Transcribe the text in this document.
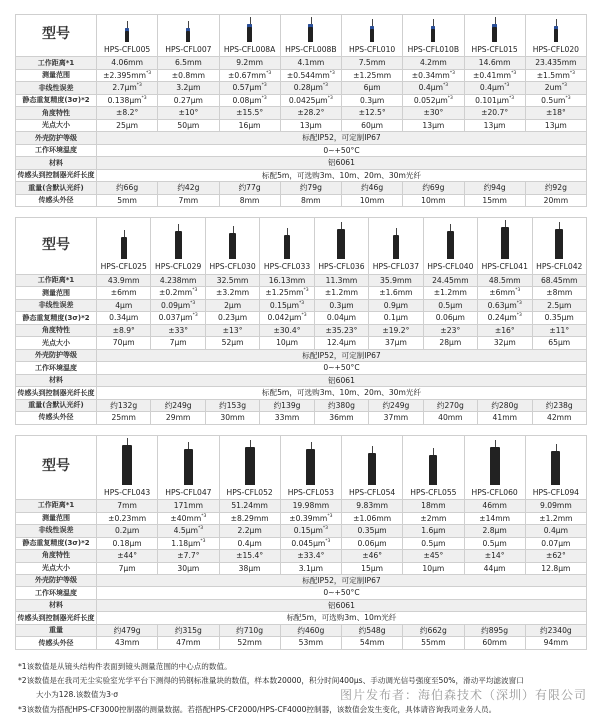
型号	HPS-CFL005	HPS-CFL007	HPS-CFL008A	HPS-CFL008B	HPS-CFL010	HPS-CFL010B	HPS-CFL015	HPS-CFL020
工作距离*1	4.06mm	6.5mm	9.2mm	4.1mm	7.5mm	4.2mm	14.6mm	23.435mm
测量范围	$\pm 2.395mm^{*3}$	±0.8mm	$\pm 0.67mm^{*3}$	$\pm 0.544mm^{*3}$	±1.25mm	$\pm 0.34mm^{*3}$	$\pm 0.41mm^{*3}$	$\pm 1.5mm^{*3}$
非线性误差	$2.7\mu m^{*3}$	3.2μm	$0.57\mu m^{*3}$	$0.28\mu m^{*3}$	6μm	$0.4\mu m^{*3}$	$0.4\mu m^{*3}$	$2um^{*3}$
静态重复精度(3σ)*2	$0.138\mu m^{*3}$	0.27μm	$0.08\mu m^{*3}$	$0.0425\mu m^{*3}$	0.3μm	$0.052\mu m^{*3}$	$0.101\mu m^{*3}$	$0.5um^{*3}$
角度特性	±8.2°	±10°	±15.5°	±28.2°	±12.5°	±30°	±20.7°	±18°
光点大小	25μm	50μm	16μm	13μm	60μm	13μm	13μm	13μm
外壳防护等级	标配IP52，可定制IP67							
工作环境温度	0~+50°C							
材料	铝6061							
传感头到控制器光纤长度	标配5m，可选购3m、10m、20m、30m光纤							
重量(含默认光纤)	约66g	约42g	约77g	约79g	约46g	约69g	约94g	约92g
传感头外径	5mm	7mm	8mm	8mm	10mm	10mm	15mm	20mm
型号	HPS-CFL025	HPS-CFL029	HPS-CFL030	HPS-CFL033	HPS-CFL036	HPS-CFL037	HPS-CFL040	HPS-CFL041	HPS-CFL042
工作距离*1	43.9mm	4.238mm	32.5mm	16.13mm	11.3mm	35.9mm	24.45mm	48.5mm	68.45mm
测量范围	±6mm	$\pm 0.2mm^{*3}$	±3.2mm	$\pm 1.25mm^{*3}$	±1.2mm	±1.6mm	±1.2mm	$\pm 6mm^{*3}$	±8mm
非线性误差	4μm	$0.09\mu m^{*3}$	2μm	$0.15\mu m^{*3}$	0.3μm	0.9μm	0.5μm	$0.63\mu m^{*3}$	2.5μm
静态重复精度(3σ)*2	0.34μm	$0.037\mu m^{*3}$	0.23μm	$0.042\mu m^{*3}$	0.04μm	0.1μm	0.06μm	$0.24\mu m^{*3}$	0.35μm
角度特性	±8.9°	±33°	±13°	±30.4°	±35.23°	±19.2°	±23°	±16°	±11°
光点大小	70μm	7μm	52μm	10μm	12.4μm	37μm	28μm	32μm	65μm
外壳防护等级	标配IP52，可定制IP67								
工作环境温度	0~+50°C								
材料	铝6061								
传感头到控制器光纤长度	标配5m，可选购3m、10m、20m、30m光纤								
重量(含默认光纤)	约132g	约249g	约153g	约139g	约380g	约249g	约270g	约280g	约238g
传感头外径	25mm	29mm	30mm	33mm	36mm	37mm	40mm	41mm	42mm
型号	HPS-CFL043	HPS-CFL047	HPS-CFL052	HPS-CFL053	HPS-CFL054	HPS-CFL055	HPS-CFL060	HPS-CFL094
工作距离*1	7mm	171mm	51.24mm	19.98mm	9.83mm	18mm	46mm	9.09mm
测量范围	±0.23mm	$\pm 40mm^{*3}$	±8.29mm	$\pm 0.39mm^{*3}$	±1.06mm	±2mm	±14mm	±1.2mm
非线性误差	0.2μm	$4.5\mu m^{*3}$	2.2μm	$0.15\mu m^{*3}$	0.35μm	1.6μm	2.8μm	0.4μm
静态重复精度(3σ)*2	0.18μm	$1.18\mu m^{*3}$	0.4μm	$0.045\mu m^{*3}$	0.06μm	0.5μm	0.5μm	0.07μm
角度特性	±44°	±7.7°	±15.4°	±33.4°	±46°	±45°	±14°	±62°
光点大小	7μm	30μm	38μm	3.1μm	15μm	10μm	44μm	12.8μm
外壳防护等级	标配IP52，可定制IP67							
工作环境温度	0~+50°C							
材料	铝6061							
传感头到控制器光纤长度	标配5m，可选购3m、10m光纤							
重量	约479g	约315g	约710g	约460g	约548g	约662g	约895g	约2340g
传感头外径	43mm	47mm	52mm	53mm	54mm	55mm	60mm	94mm
*1该数值是从镜头结构件表面到镜头测量范围的中心点的数值。
*2该数值是在我司无尘实验室光学平台下测得的钨钢标准量块的数值，样本数20000，积分时间400μs、手动调光信号强度至50%，滑动平均滤波窗口
大小为128.该数值为3·σ	图片发布者：海伯森技术（深圳）有限公司
*3该数值为搭配HPS-CF3000控制器的测量数据。若搭配HPS-CF2000/HPS-CF4000控制器，该数值会发生变化，具体请咨询我司业务人员。
